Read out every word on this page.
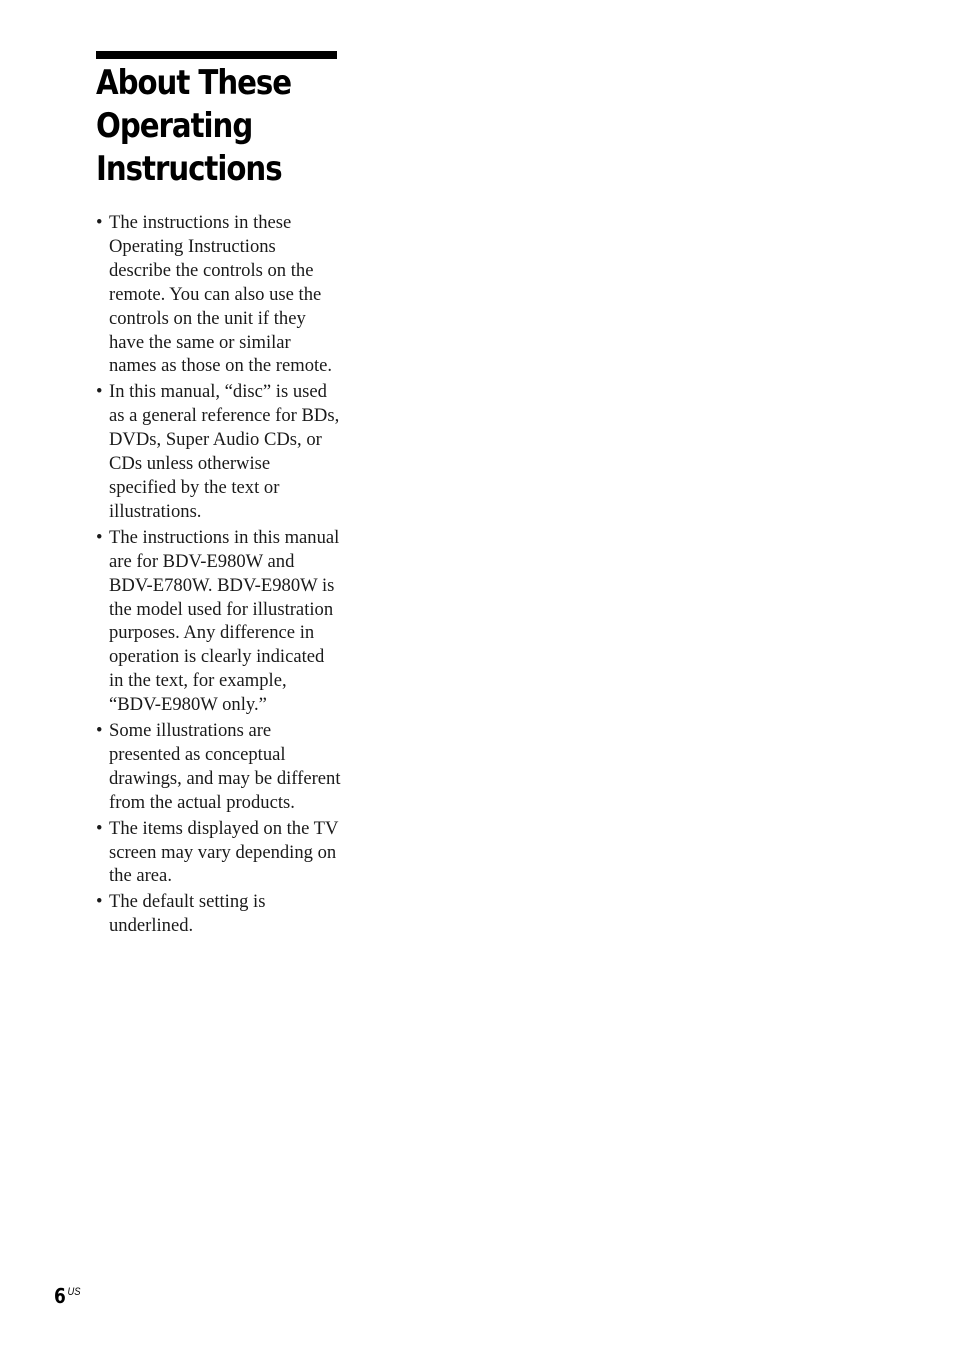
About These Operating Instructions
• The instructions in these Operating Instructions describe the controls on the remote. You can also use the controls on the unit if they have the same or similar names as those on the remote.
• In this manual, “disc” is used as a general reference for BDs, DVDs, Super Audio CDs, or CDs unless otherwise specified by the text or illustrations.
• The instructions in this manual are for BDV-E980W and BDV-E780W. BDV-E980W is the model used for illustration purposes. Any difference in operation is clearly indicated in the text, for example, “BDV-E980W only.”
• Some illustrations are presented as conceptual drawings, and may be different from the actual products.
• The items displayed on the TV screen may vary depending on the area.
• The default setting is underlined.
6 $^{US}$
